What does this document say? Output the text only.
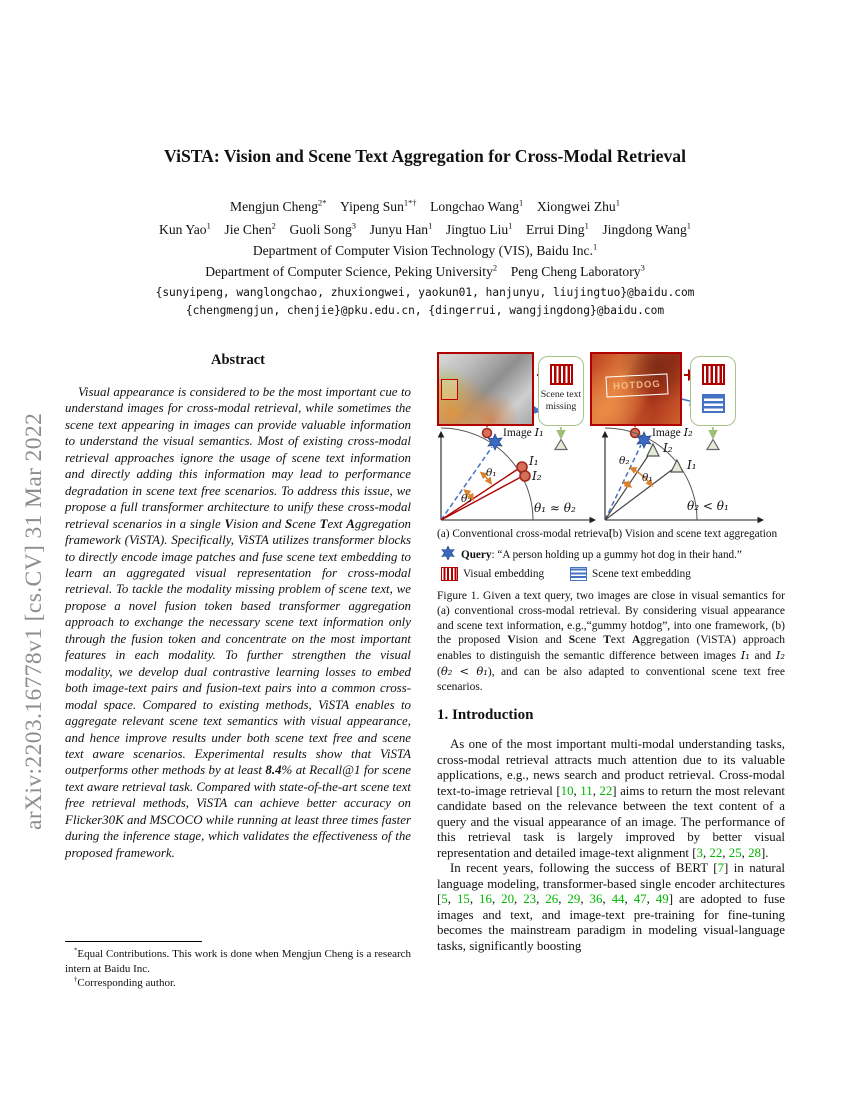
arXiv:2203.16778v1 [cs.CV] 31 Mar 2022
ViSTA: Vision and Scene Text Aggregation for Cross-Modal Retrieval
Mengjun Cheng$^{2*}$  Yipeng Sun$^{1*\dagger}$  Longchao Wang$^1$  Xiongwei Zhu$^1$
Kun Yao$^1$  Jie Chen$^2$  Guoli Song$^3$  Junyu Han$^1$  Jingtuo Liu$^1$  Errui Ding$^1$  Jingdong Wang$^1$
Department of Computer Vision Technology (VIS), Baidu Inc.$^1$
Department of Computer Science, Peking University$^2$  Peng Cheng Laboratory$^3$
{sunyipeng, wanglongchao, zhuxiongwei, yaokun01, hanjunyu, liujingtuo}@baidu.com
{chengmengjun, chenjie}@pku.edu.cn, {dingerrui, wangjingdong}@baidu.com
Abstract

Visual appearance is considered to be the most important cue to understand images for cross-modal retrieval, while sometimes the scene text appearing in images can provide valuable information to understand the visual semantics. Most of existing cross-modal retrieval approaches ignore the usage of scene text information and directly adding this information may lead to performance degradation in scene text free scenarios. To address this issue, we propose a full transformer architecture to unify these cross-modal retrieval scenarios in a single Vision and Scene Text Aggregation framework (ViSTA). Specifically, ViSTA utilizes transformer blocks to directly encode image patches and fuse scene text embedding to learn an aggregated visual representation for cross-modal retrieval. To tackle the modality missing problem of scene text, we propose a novel fusion token based transformer aggregation approach to exchange the necessary scene text information only through the fusion token and concentrate on the most important features in each modality. To further strengthen the visual modality, we develop dual contrastive learning losses to embed both image-text pairs and fusion-text pairs into a common cross-modal space. Compared to existing methods, ViSTA enables to aggregate relevant scene text semantics with visual appearance, and hence improve results under both scene text free and scene text aware scenarios. Experimental results show that ViSTA outperforms other methods by at least 8.4% at Recall@1 for scene text aware retrieval task. Compared with state-of-the-art scene text free retrieval methods, ViSTA can achieve better accuracy on Flicker30K and MSCOCO while running at least three times faster during the inference stage, which validates the effectiveness of the proposed framework.

*Equal Contributions. This work is done when Mengjun Cheng is a research intern at Baidu Inc.

†Corresponding author.

θ₁
θ₂
I₁
I₂
θ₁ ≈ θ₂
θ₂
θ₁
I₂
I₁
θ₂ < θ₁
HOTDOG
Scene text missing
Image I₁	Image I₂
(a) Conventional cross-modal retrieval
(b) Vision and scene text aggregation
Query: “A person holding up a gummy hot dog in their hand.”
Visual embedding	Scene text embedding
Figure 1. Given a text query, two images are close in visual semantics for (a) conventional cross-modal retrieval. By considering visual appearance and scene text information, e.g.,“gummy hotdog”, into one framework, (b) the proposed Vision and Scene Text Aggregation (ViSTA) approach enables to distinguish the semantic difference between images I₁ and I₂ (θ₂ < θ₁), and can be also adapted to conventional scene text free scenarios.
1. Introduction

As one of the most important multi-modal understanding tasks, cross-modal retrieval attracts much attention due to its valuable applications, e.g., news search and product retrieval. Cross-modal text-to-image retrieval [10, 11, 22] aims to return the most relevant candidate based on the relevance between the text content of a query and the visual appearance of an image. The performance of this retrieval task is largely improved by better visual representation and detailed image-text alignment [3, 22, 25, 28].

In recent years, following the success of BERT [7] in natural language modeling, transformer-based single encoder architectures [5, 15, 16, 20, 23, 26, 29, 36, 44, 47, 49] are adopted to fuse images and text, and image-text pre-training for fine-tuning becomes the mainstream paradigm in modeling visual-language tasks, significantly boosting
